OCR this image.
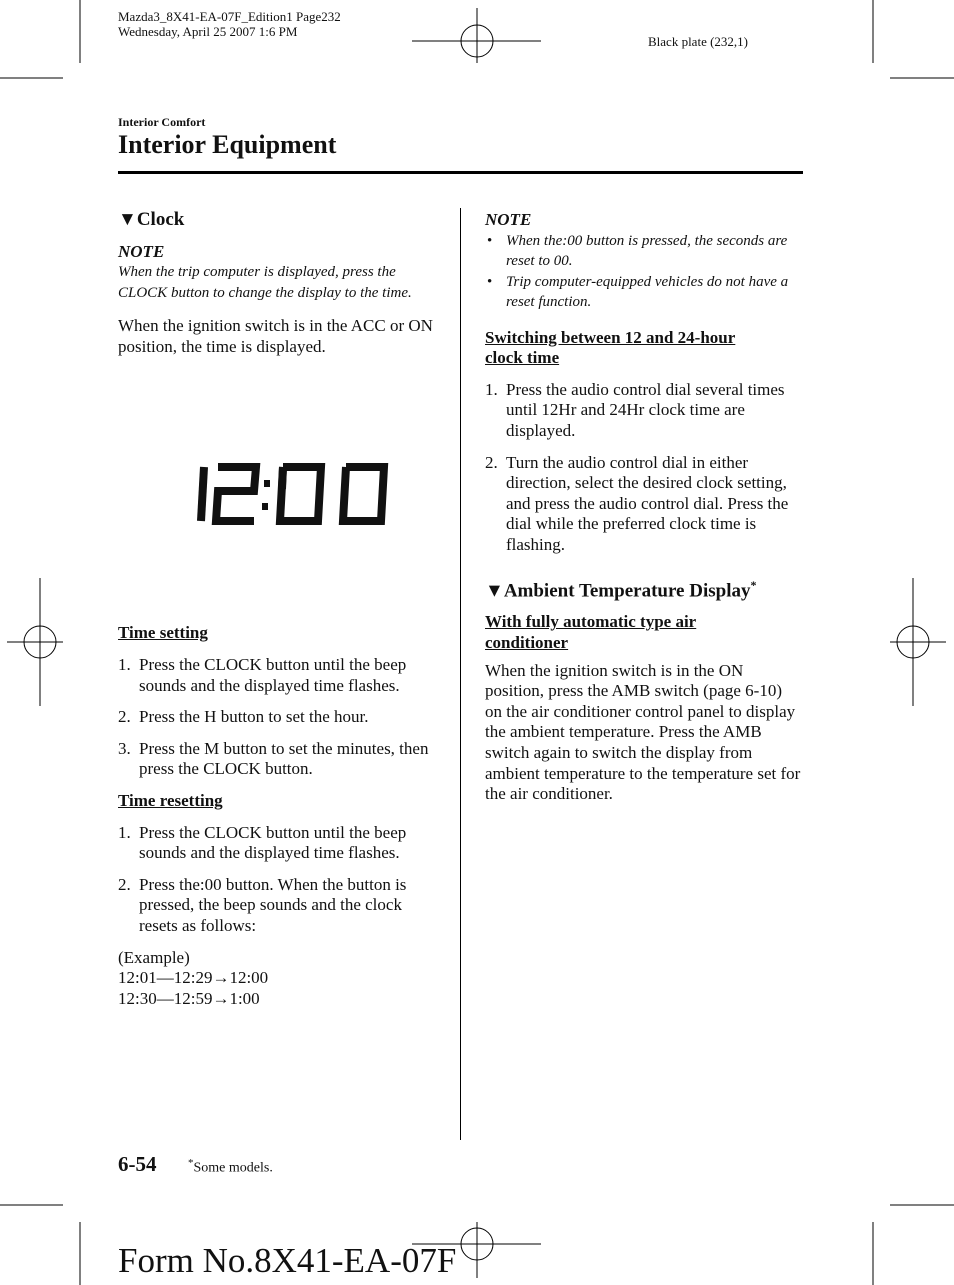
Mazda3_8X41-EA-07F_Edition1 Page232
Wednesday, April 25 2007 1:6 PM
Black plate (232,1)
Interior Comfort
Interior Equipment
▼Clock
NOTE
When the trip computer is displayed, press the CLOCK button to change the display to the time.
When the ignition switch is in the ACC or ON position, the time is displayed.
Time setting
1. Press the CLOCK button until the beep sounds and the displayed time flashes.
2. Press the H button to set the hour.
3. Press the M button to set the minutes, then press the CLOCK button.
Time resetting
1. Press the CLOCK button until the beep sounds and the displayed time flashes.
2. Press the:00 button. When the button is pressed, the beep sounds and the clock resets as follows:
(Example)
12:01―12:29→12:00
12:30―12:59→1:00
NOTE
• When the:00 button is pressed, the seconds are reset to 00.
• Trip computer-equipped vehicles do not have a reset function.
Switching between 12 and 24-hour clock time
1. Press the audio control dial several times until 12Hr and 24Hr clock time are displayed.
2. Turn the audio control dial in either direction, select the desired clock setting, and press the audio control dial. Press the dial while the preferred clock time is flashing.
▼Ambient Temperature Display*
With fully automatic type air conditioner
When the ignition switch is in the ON position, press the AMB switch (page 6-10) on the air conditioner control panel to display the ambient temperature. Press the AMB switch again to switch the display from ambient temperature to the temperature set for the air conditioner.
6-54	*Some models.
Form No.8X41-EA-07F
